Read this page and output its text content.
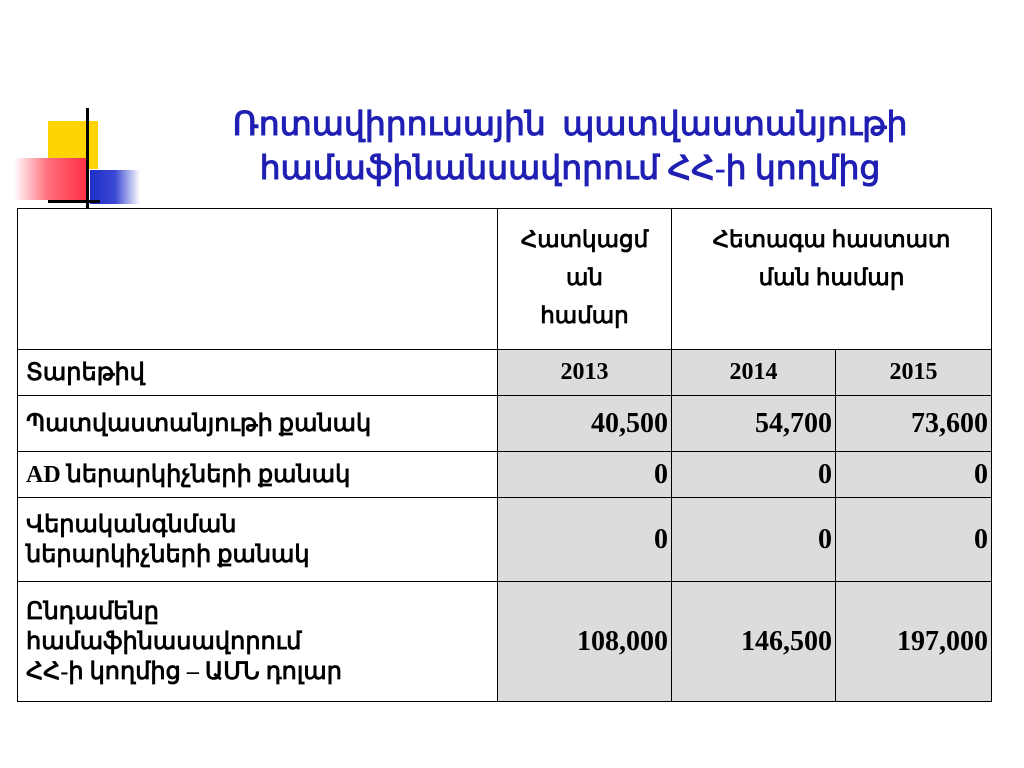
Ռոտավիրուսային  պատվաստանյութի
համաֆինանսավորում ՀՀ-ի կողմից

	Հատկացմ
ան
համար	Հետագա հաստատ
ման համար	

Տարեթիվ	2013	2014	2015
Պատվաստանյութի քանակ	40,500	54,700	73,600
AD ներարկիչների քանակ	0	0	0

Վերականգնման
ներարկիչների քանակ	0	0	0

Ընդամենը
համաֆինասավորում
ՀՀ-ի կողմից – ԱՄՆ դոլար	108,000	146,500	197,000
